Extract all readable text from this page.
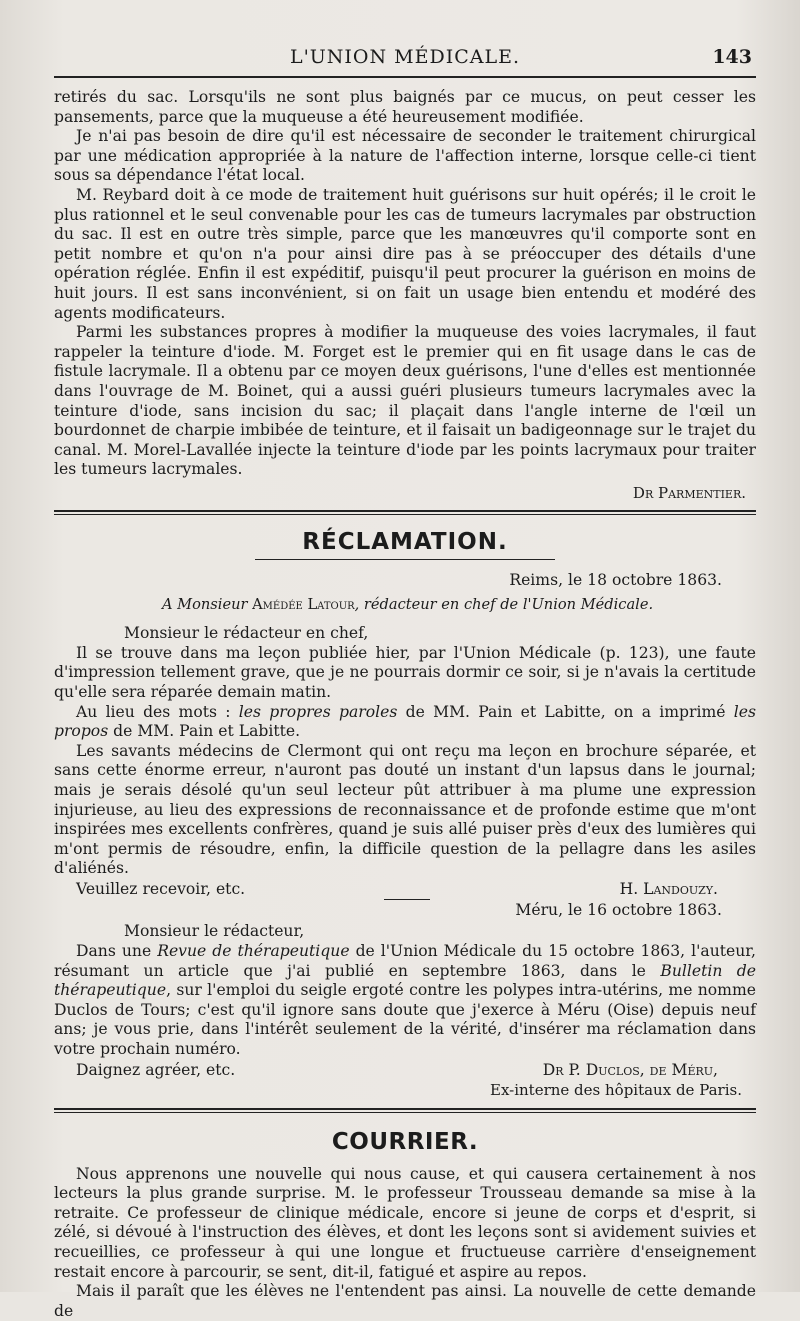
L'UNION MÉDICALE.	143

retirés du sac. Lorsqu'ils ne sont plus baignés par ce mucus, on peut cesser les pansements, parce que la muqueuse a été heureusement modifiée.

Je n'ai pas besoin de dire qu'il est nécessaire de seconder le traitement chirurgical par une médication appropriée à la nature de l'affection interne, lorsque celle-ci tient sous sa dépendance l'état local.

M. Reybard doit à ce mode de traitement huit guérisons sur huit opérés; il le croit le plus rationnel et le seul convenable pour les cas de tumeurs lacrymales par obstruction du sac. Il est en outre très simple, parce que les manœuvres qu'il comporte sont en petit nombre et qu'on n'a pour ainsi dire pas à se préoccuper des détails d'une opération réglée. Enfin il est expéditif, puisqu'il peut procurer la guérison en moins de huit jours. Il est sans inconvénient, si on fait un usage bien entendu et modéré des agents modificateurs.

Parmi les substances propres à modifier la muqueuse des voies lacrymales, il faut rappeler la teinture d'iode. M. Forget est le premier qui en fit usage dans le cas de fistule lacrymale. Il a obtenu par ce moyen deux guérisons, l'une d'elles est mentionnée dans l'ouvrage de M. Boinet, qui a aussi guéri plusieurs tumeurs lacrymales avec la teinture d'iode, sans incision du sac; il plaçait dans l'angle interne de l'œil un bourdonnet de charpie imbibée de teinture, et il faisait un badigeonnage sur le trajet du canal. M. Morel-Lavallée injecte la teinture d'iode par les points lacrymaux pour traiter les tumeurs lacrymales.

Dr Parmentier.
RÉCLAMATION.
Reims, le 18 octobre 1863.
A Monsieur Amédée Latour, rédacteur en chef de l'Union Médicale.
Monsieur le rédacteur en chef,

Il se trouve dans ma leçon publiée hier, par l'Union Médicale (p. 123), une faute d'impression tellement grave, que je ne pourrais dormir ce soir, si je n'avais la certitude qu'elle sera réparée demain matin.

Au lieu des mots : les propres paroles de MM. Pain et Labitte, on a imprimé les propos de MM. Pain et Labitte.

Les savants médecins de Clermont qui ont reçu ma leçon en brochure séparée, et sans cette énorme erreur, n'auront pas douté un instant d'un lapsus dans le journal; mais je serais désolé qu'un seul lecteur pût attribuer à ma plume une expression injurieuse, au lieu des expressions de reconnaissance et de profonde estime que m'ont inspirées mes excellents confrères, quand je suis allé puiser près d'eux des lumières qui m'ont permis de résoudre, enfin, la difficile question de la pellagre dans les asiles d'aliénés.

Veuillez recevoir, etc.	H. Landouzy.
Méru, le 16 octobre 1863.
Monsieur le rédacteur,

Dans une Revue de thérapeutique de l'Union Médicale du 15 octobre 1863, l'auteur, résumant un article que j'ai publié en septembre 1863, dans le Bulletin de thérapeutique, sur l'emploi du seigle ergoté contre les polypes intra-utérins, me nomme Duclos de Tours; c'est qu'il ignore sans doute que j'exerce à Méru (Oise) depuis neuf ans; je vous prie, dans l'intérêt seulement de la vérité, d'insérer ma réclamation dans votre prochain numéro.

Daignez agréer, etc.	Dr P. Duclos, de Méru,
Ex-interne des hôpitaux de Paris.
COURRIER.

Nous apprenons une nouvelle qui nous cause, et qui causera certainement à nos lecteurs la plus grande surprise. M. le professeur Trousseau demande sa mise à la retraite. Ce professeur de clinique médicale, encore si jeune de corps et d'esprit, si zélé, si dévoué à l'instruction des élèves, et dont les leçons sont si avidement suivies et recueillies, ce professeur à qui une longue et fructueuse carrière d'enseignement restait encore à parcourir, se sent, dit-il, fatigué et aspire au repos.

Mais il paraît que les élèves ne l'entendent pas ainsi. La nouvelle de cette demande de
